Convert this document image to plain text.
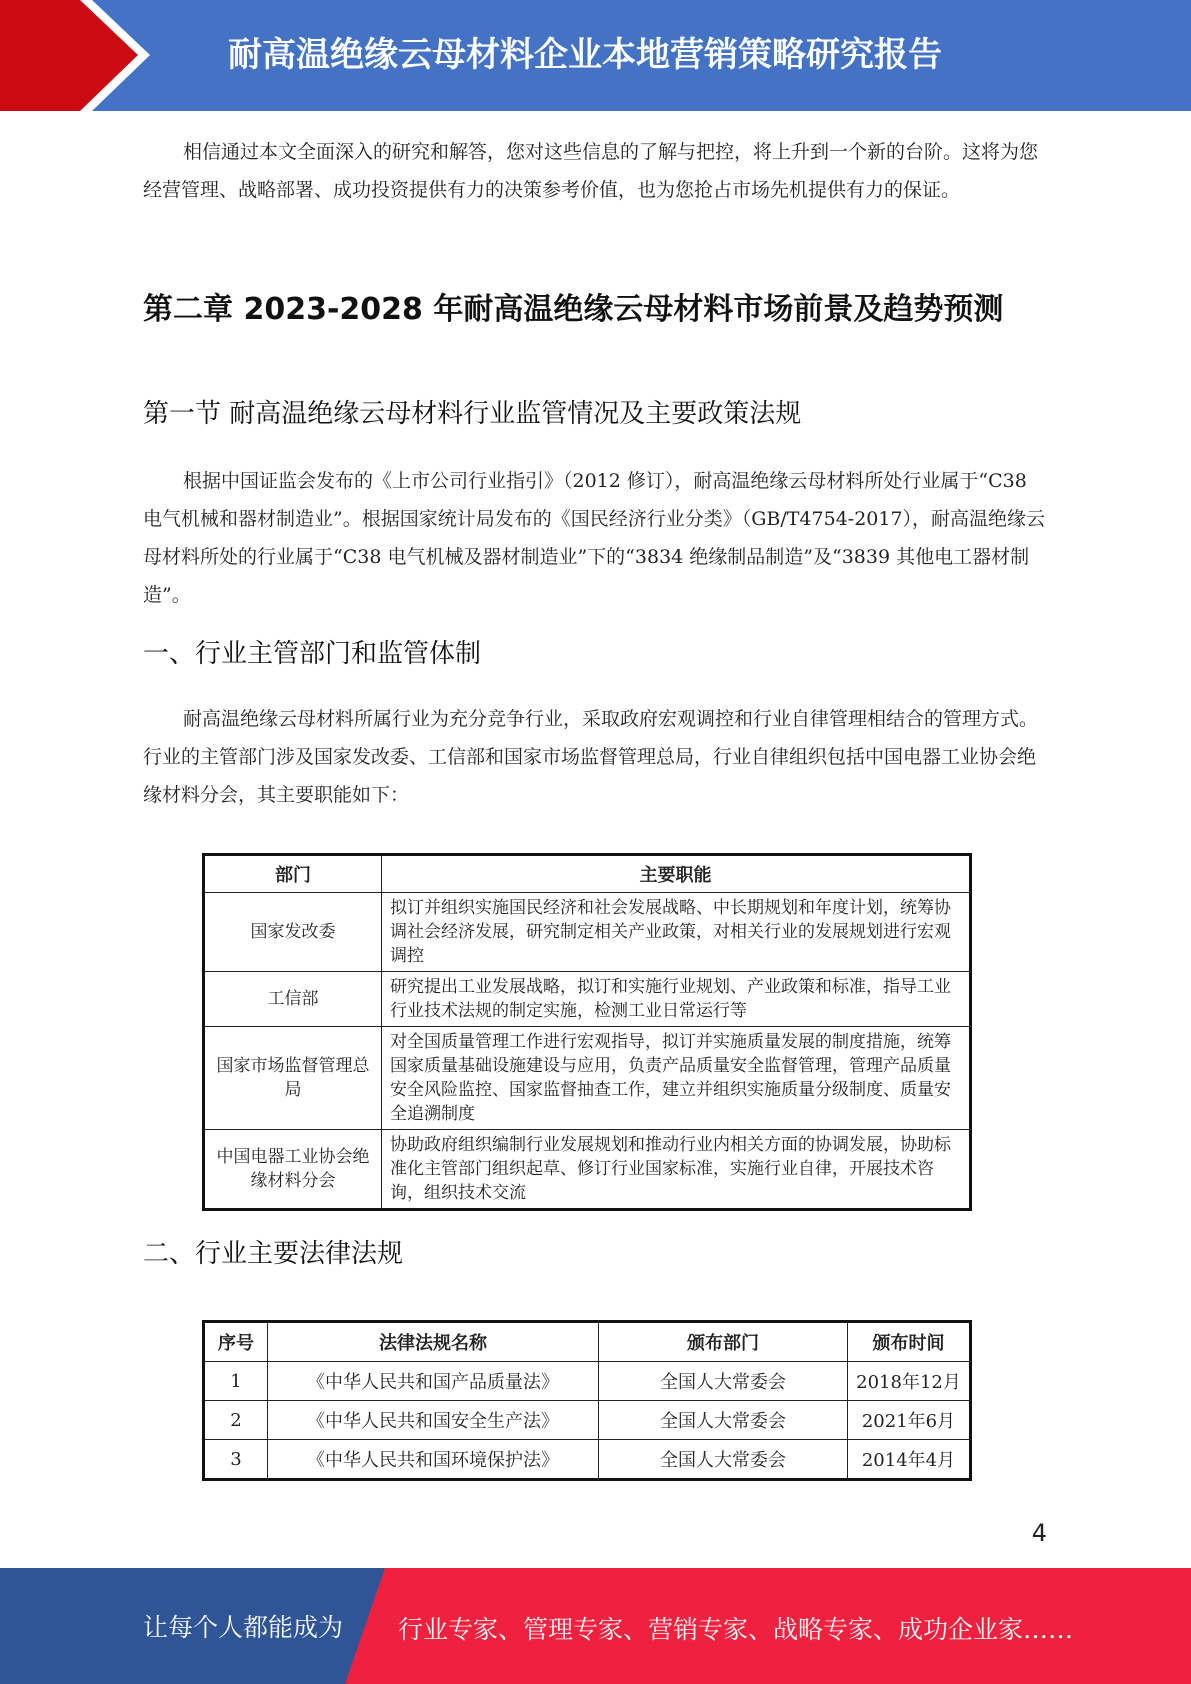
耐高温绝缘云母材料企业本地营销策略研究报告

相信通过本文全面深入的研究和解答，您对这些信息的了解与把控，将上升到一个新的台阶。这将为您经营管理、战略部署、成功投资提供有力的决策参考价值，也为您抢占市场先机提供有力的保证。

第二章 2023-2028 年耐高温绝缘云母材料市场前景及趋势预测
第一节 耐高温绝缘云母材料行业监管情况及主要政策法规

根据中国证监会发布的《上市公司行业指引》（2012 修订），耐高温绝缘云母材料所处行业属于“C38 电气机械和器材制造业”。根据国家统计局发布的《国民经济行业分类》（GB/T4754-2017），耐高温绝缘云母材料所处的行业属于“C38 电气机械及器材制造业”下的“3834 绝缘制品制造”及“3839 其他电工器材制造”。

一、行业主管部门和监管体制

耐高温绝缘云母材料所属行业为充分竞争行业，采取政府宏观调控和行业自律管理相结合的管理方式。行业的主管部门涉及国家发改委、工信部和国家市场监督管理总局，行业自律组织包括中国电器工业协会绝缘材料分会，其主要职能如下：

部门	主要职能
国家发改委	拟订并组织实施国民经济和社会发展战略、中长期规划和年度计划，统筹协调社会经济发展，研究制定相关产业政策，对相关行业的发展规划进行宏观调控
工信部	研究提出工业发展战略，拟订和实施行业规划、产业政策和标准，指导工业行业技术法规的制定实施，检测工业日常运行等
国家市场监督管理总局	对全国质量管理工作进行宏观指导，拟订并实施质量发展的制度措施，统筹国家质量基础设施建设与应用，负责产品质量安全监督管理，管理产品质量安全风险监控、国家监督抽查工作，建立并组织实施质量分级制度、质量安全追溯制度
中国电器工业协会绝缘材料分会	协助政府组织编制行业发展规划和推动行业内相关方面的协调发展，协助标准化主管部门组织起草、修订行业国家标准，实施行业自律，开展技术咨询，组织技术交流
二、行业主要法律法规
序号	法律法规名称	颁布部门	颁布时间
1	《中华人民共和国产品质量法》	全国人大常委会	2018年12月
2	《中华人民共和国安全生产法》	全国人大常委会	2021年6月
3	《中华人民共和国环境保护法》	全国人大常委会	2014年4月
4
让每个人都能成为 行业专家、管理专家、营销专家、战略专家、成功企业家……
